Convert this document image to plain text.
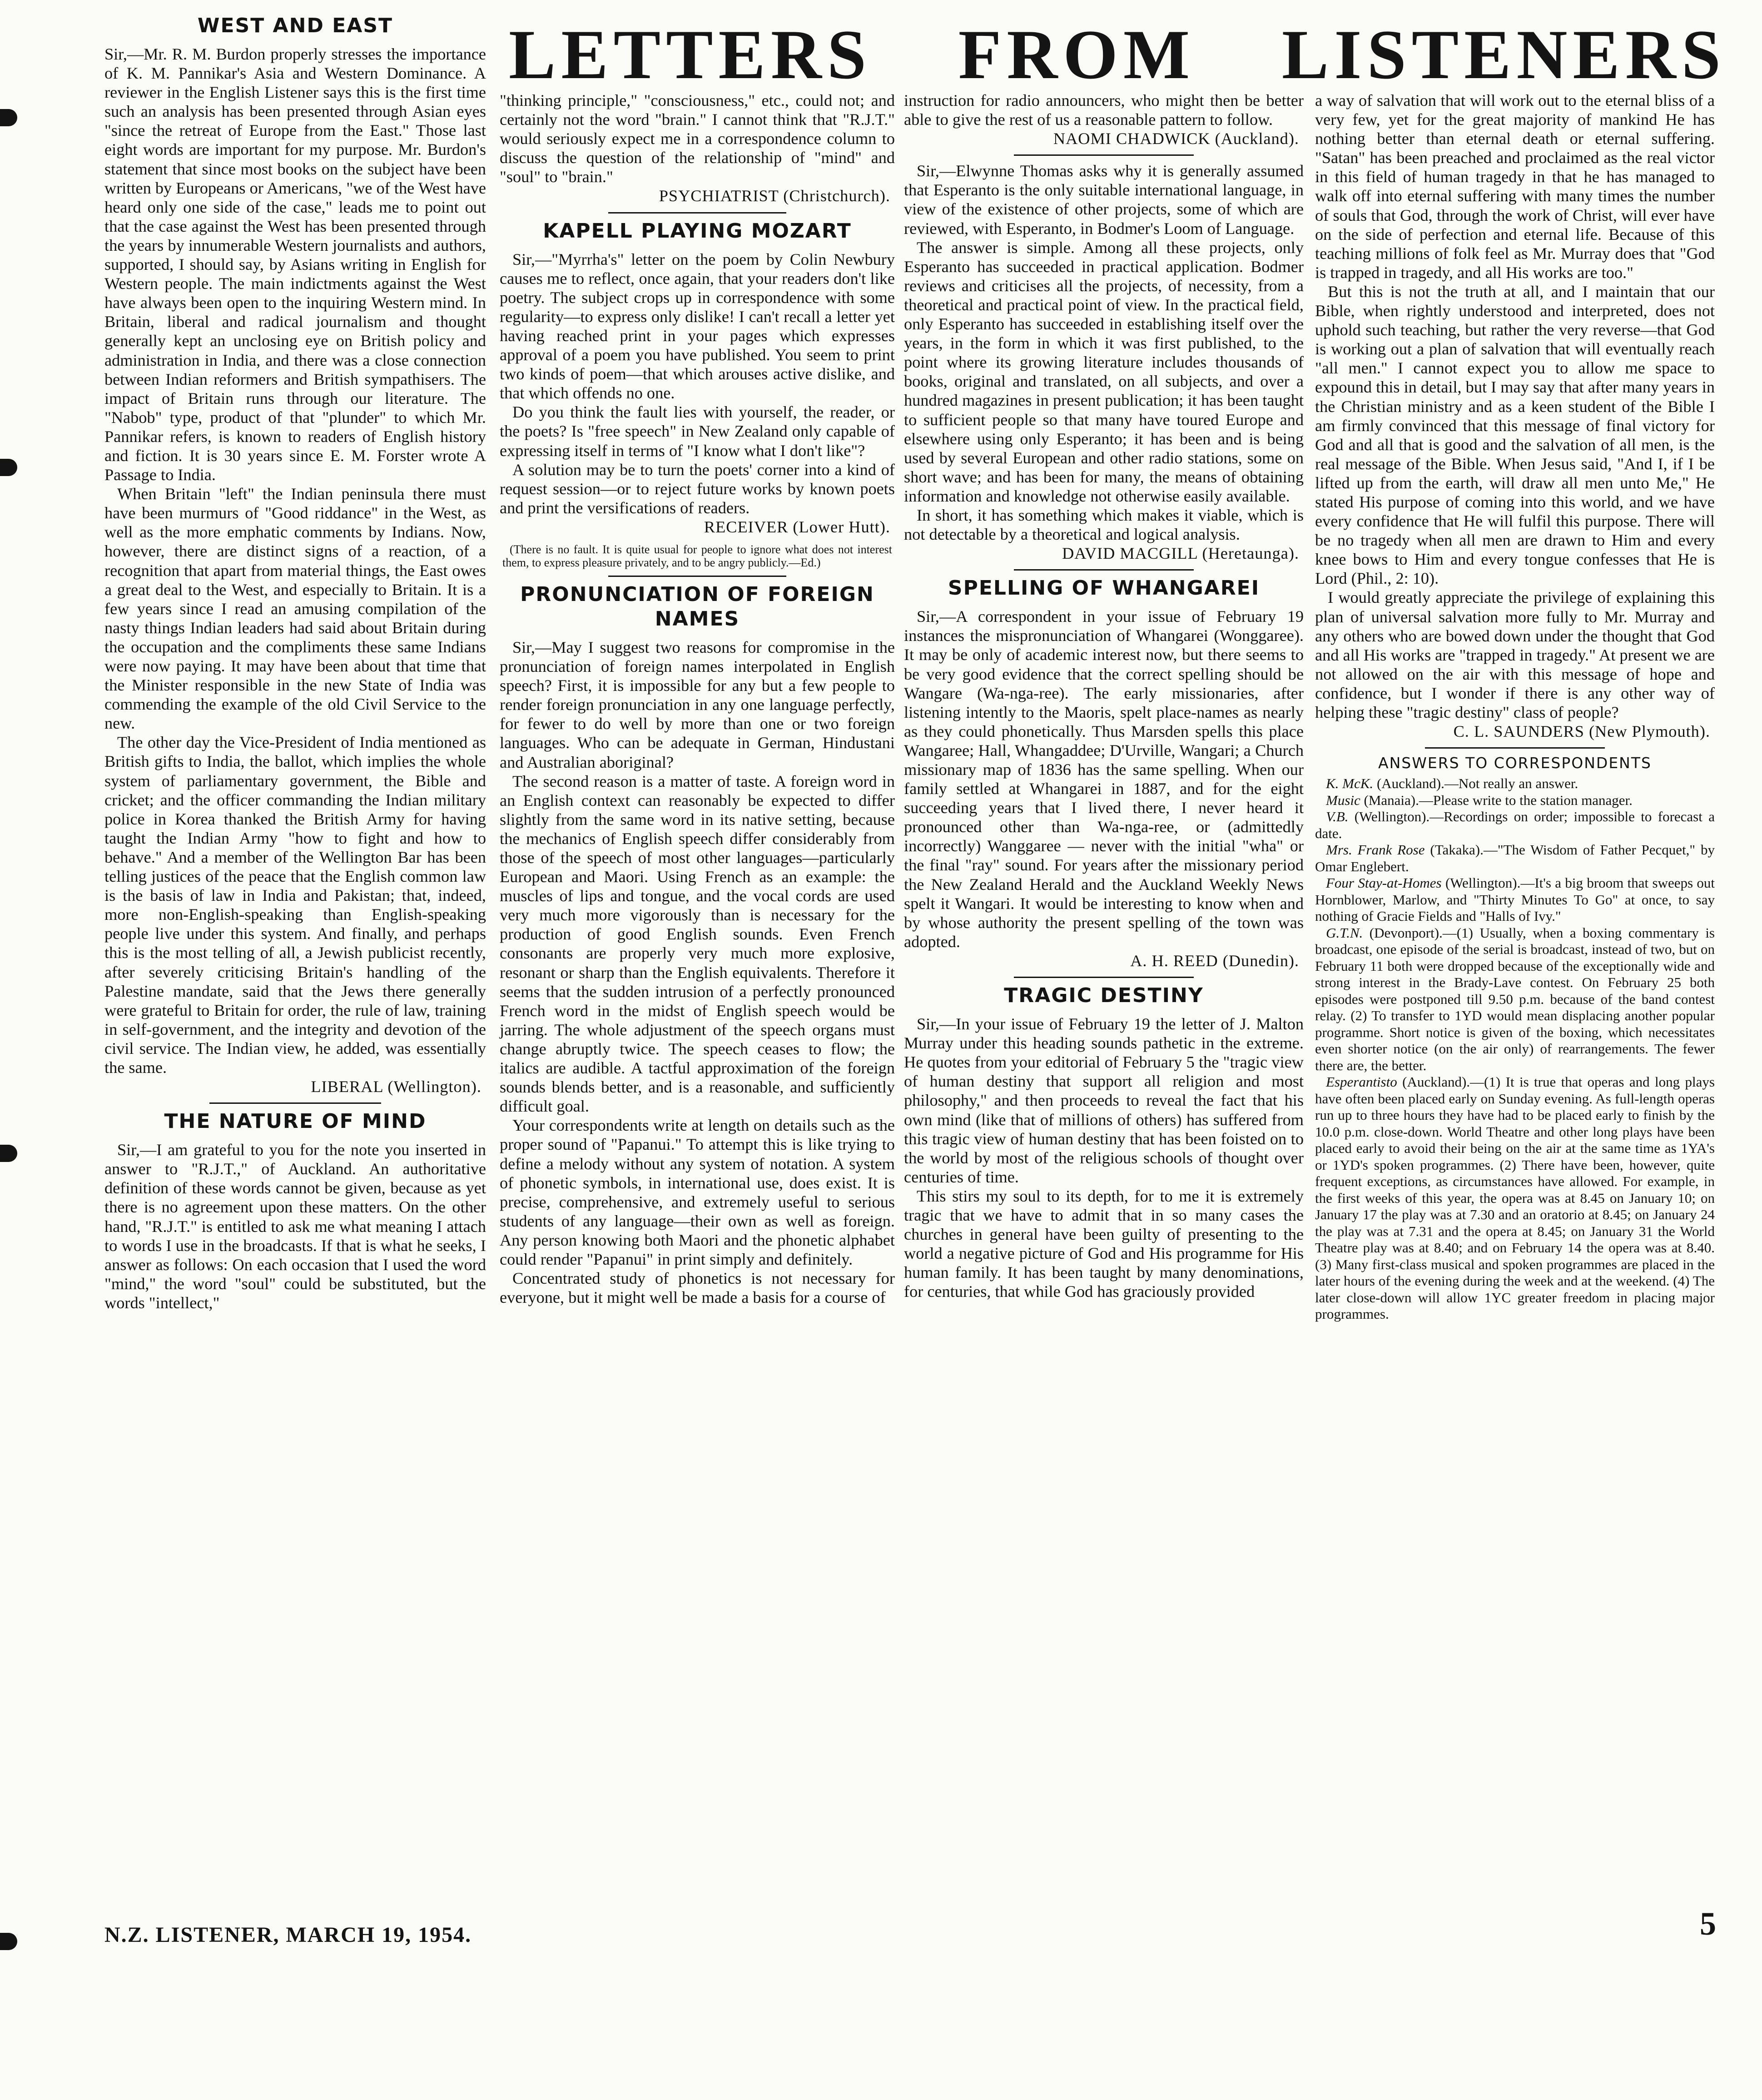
LETTERS FROM LISTENERS
WEST AND EAST

Sir,—Mr. R. M. Burdon properly stresses the importance of K. M. Pannikar's Asia and Western Dominance. A reviewer in the English Listener says this is the first time such an analysis has been presented through Asian eyes "since the retreat of Europe from the East." Those last eight words are important for my purpose. Mr. Burdon's statement that since most books on the subject have been written by Europeans or Americans, "we of the West have heard only one side of the case," leads me to point out that the case against the West has been presented through the years by innumerable Western journalists and authors, supported, I should say, by Asians writing in English for Western people. The main indictments against the West have always been open to the inquiring Western mind. In Britain, liberal and radical journalism and thought generally kept an unclosing eye on British policy and administration in India, and there was a close connection between Indian reformers and British sympathisers. The impact of Britain runs through our literature. The "Nabob" type, product of that "plunder" to which Mr. Pannikar refers, is known to readers of English history and fiction. It is 30 years since E. M. Forster wrote A Passage to India.

When Britain "left" the Indian peninsula there must have been murmurs of "Good riddance" in the West, as well as the more emphatic comments by Indians. Now, however, there are distinct signs of a reaction, of a recognition that apart from material things, the East owes a great deal to the West, and especially to Britain. It is a few years since I read an amusing compilation of the nasty things Indian leaders had said about Britain during the occupation and the compliments these same Indians were now paying. It may have been about that time that the Minister responsible in the new State of India was commending the example of the old Civil Service to the new.

The other day the Vice-President of India mentioned as British gifts to India, the ballot, which implies the whole system of parliamentary government, the Bible and cricket; and the officer commanding the Indian military police in Korea thanked the British Army for having taught the Indian Army "how to fight and how to behave." And a member of the Wellington Bar has been telling justices of the peace that the English common law is the basis of law in India and Pakistan; that, indeed, more non-English-speaking than English-speaking people live under this system. And finally, and perhaps this is the most telling of all, a Jewish publicist recently, after severely criticising Britain's handling of the Palestine mandate, said that the Jews there generally were grateful to Britain for order, the rule of law, training in self-government, and the integrity and devotion of the civil service. The Indian view, he added, was essentially the same.

LIBERAL (Wellington).
THE NATURE OF MIND

Sir,—I am grateful to you for the note you inserted in answer to "R.J.T.," of Auckland. An authoritative definition of these words cannot be given, because as yet there is no agreement upon these matters. On the other hand, "R.J.T." is entitled to ask me what meaning I attach to words I use in the broadcasts. If that is what he seeks, I answer as follows: On each occasion that I used the word "mind," the word "soul" could be substituted, but the words "intellect,"

"thinking principle," "consciousness," etc., could not; and certainly not the word "brain." I cannot think that "R.J.T." would seriously expect me in a correspondence column to discuss the question of the relationship of "mind" and "soul" to "brain."

PSYCHIATRIST (Christchurch).
KAPELL PLAYING MOZART

Sir,—"Myrrha's" letter on the poem by Colin Newbury causes me to reflect, once again, that your readers don't like poetry. The subject crops up in correspondence with some regularity—to express only dislike! I can't recall a letter yet having reached print in your pages which expresses approval of a poem you have published. You seem to print two kinds of poem—that which arouses active dislike, and that which offends no one.

Do you think the fault lies with yourself, the reader, or the poets? Is "free speech" in New Zealand only capable of expressing itself in terms of "I know what I don't like"?

A solution may be to turn the poets' corner into a kind of request session—or to reject future works by known poets and print the versifications of readers.

RECEIVER (Lower Hutt).
(There is no fault. It is quite usual for people to ignore what does not interest them, to express pleasure privately, and to be angry publicly.—Ed.)
PRONUNCIATION OF FOREIGN NAMES

Sir,—May I suggest two reasons for compromise in the pronunciation of foreign names interpolated in English speech? First, it is impossible for any but a few people to render foreign pronunciation in any one language perfectly, for fewer to do well by more than one or two foreign languages. Who can be adequate in German, Hindustani and Australian aboriginal?

The second reason is a matter of taste. A foreign word in an English context can reasonably be expected to differ slightly from the same word in its native setting, because the mechanics of English speech differ considerably from those of the speech of most other languages—particularly European and Maori. Using French as an example: the muscles of lips and tongue, and the vocal cords are used very much more vigorously than is necessary for the production of good English sounds. Even French consonants are properly very much more explosive, resonant or sharp than the English equivalents. Therefore it seems that the sudden intrusion of a perfectly pronounced French word in the midst of English speech would be jarring. The whole adjustment of the speech organs must change abruptly twice. The speech ceases to flow; the italics are audible. A tactful approximation of the foreign sounds blends better, and is a reasonable, and sufficiently difficult goal.

Your correspondents write at length on details such as the proper sound of "Papanui." To attempt this is like trying to define a melody without any system of notation. A system of phonetic symbols, in international use, does exist. It is precise, comprehensive, and extremely useful to serious students of any language—their own as well as foreign. Any person knowing both Maori and the phonetic alphabet could render "Papanui" in print simply and definitely.

Concentrated study of phonetics is not necessary for everyone, but it might well be made a basis for a course of

instruction for radio announcers, who might then be better able to give the rest of us a reasonable pattern to follow.

NAOMI CHADWICK (Auckland).

Sir,—Elwynne Thomas asks why it is generally assumed that Esperanto is the only suitable international language, in view of the existence of other projects, some of which are reviewed, with Esperanto, in Bodmer's Loom of Language.

The answer is simple. Among all these projects, only Esperanto has succeeded in practical application. Bodmer reviews and criticises all the projects, of necessity, from a theoretical and practical point of view. In the practical field, only Esperanto has succeeded in establishing itself over the years, in the form in which it was first published, to the point where its growing literature includes thousands of books, original and translated, on all subjects, and over a hundred magazines in present publication; it has been taught to sufficient people so that many have toured Europe and elsewhere using only Esperanto; it has been and is being used by several European and other radio stations, some on short wave; and has been for many, the means of obtaining information and knowledge not otherwise easily available.

In short, it has something which makes it viable, which is not detectable by a theoretical and logical analysis.

DAVID MACGILL (Heretaunga).
SPELLING OF WHANGAREI

Sir,—A correspondent in your issue of February 19 instances the mispronunciation of Whangarei (Wonggaree). It may be only of academic interest now, but there seems to be very good evidence that the correct spelling should be Wangare (Wa-nga-ree). The early missionaries, after listening intently to the Maoris, spelt place-names as nearly as they could phonetically. Thus Marsden spells this place Wangaree; Hall, Whangaddee; D'Urville, Wangari; a Church missionary map of 1836 has the same spelling. When our family settled at Whangarei in 1887, and for the eight succeeding years that I lived there, I never heard it pronounced other than Wa-nga-ree, or (admittedly incorrectly) Wanggaree — never with the initial "wha" or the final "ray" sound. For years after the missionary period the New Zealand Herald and the Auckland Weekly News spelt it Wangari. It would be interesting to know when and by whose authority the present spelling of the town was adopted.

A. H. REED (Dunedin).
TRAGIC DESTINY

Sir,—In your issue of February 19 the letter of J. Malton Murray under this heading sounds pathetic in the extreme. He quotes from your editorial of February 5 the "tragic view of human destiny that support all religion and most philosophy," and then proceeds to reveal the fact that his own mind (like that of millions of others) has suffered from this tragic view of human destiny that has been foisted on to the world by most of the religious schools of thought over centuries of time.

This stirs my soul to its depth, for to me it is extremely tragic that we have to admit that in so many cases the churches in general have been guilty of presenting to the world a negative picture of God and His programme for His human family. It has been taught by many denominations, for centuries, that while God has graciously provided

a way of salvation that will work out to the eternal bliss of a very few, yet for the great majority of mankind He has nothing better than eternal death or eternal suffering. "Satan" has been preached and proclaimed as the real victor in this field of human tragedy in that he has managed to walk off into eternal suffering with many times the number of souls that God, through the work of Christ, will ever have on the side of perfection and eternal life. Because of this teaching millions of folk feel as Mr. Murray does that "God is trapped in tragedy, and all His works are too."

But this is not the truth at all, and I maintain that our Bible, when rightly understood and interpreted, does not uphold such teaching, but rather the very reverse—that God is working out a plan of salvation that will eventually reach "all men." I cannot expect you to allow me space to expound this in detail, but I may say that after many years in the Christian ministry and as a keen student of the Bible I am firmly convinced that this message of final victory for God and all that is good and the salvation of all men, is the real message of the Bible. When Jesus said, "And I, if I be lifted up from the earth, will draw all men unto Me," He stated His purpose of coming into this world, and we have every confidence that He will fulfil this purpose. There will be no tragedy when all men are drawn to Him and every knee bows to Him and every tongue confesses that He is Lord (Phil., 2: 10).

I would greatly appreciate the privilege of explaining this plan of universal salvation more fully to Mr. Murray and any others who are bowed down under the thought that God and all His works are "trapped in tragedy." At present we are not allowed on the air with this message of hope and confidence, but I wonder if there is any other way of helping these "tragic destiny" class of people?

C. L. SAUNDERS (New Plymouth).
ANSWERS TO CORRESPONDENTS

K. McK. (Auckland).—Not really an answer.

Music (Manaia).—Please write to the station manager.

V.B. (Wellington).—Recordings on order; impossible to forecast a date.

Mrs. Frank Rose (Takaka).—"The Wisdom of Father Pecquet," by Omar Englebert.

Four Stay-at-Homes (Wellington).—It's a big broom that sweeps out Hornblower, Marlow, and "Thirty Minutes To Go" at once, to say nothing of Gracie Fields and "Halls of Ivy."

G.T.N. (Devonport).—(1) Usually, when a boxing commentary is broadcast, one episode of the serial is broadcast, instead of two, but on February 11 both were dropped because of the exceptionally wide and strong interest in the Brady-Lave contest. On February 25 both episodes were postponed till 9.50 p.m. because of the band contest relay. (2) To transfer to 1YD would mean displacing another popular programme. Short notice is given of the boxing, which necessitates even shorter notice (on the air only) of rearrangements. The fewer there are, the better.

Esperantisto (Auckland).—(1) It is true that operas and long plays have often been placed early on Sunday evening. As full-length operas run up to three hours they have had to be placed early to finish by the 10.0 p.m. close-down. World Theatre and other long plays have been placed early to avoid their being on the air at the same time as 1YA's or 1YD's spoken programmes. (2) There have been, however, quite frequent exceptions, as circumstances have allowed. For example, in the first weeks of this year, the opera was at 8.45 on January 10; on January 17 the play was at 7.30 and an oratorio at 8.45; on January 24 the play was at 7.31 and the opera at 8.45; on January 31 the World Theatre play was at 8.40; and on February 14 the opera was at 8.40. (3) Many first-class musical and spoken programmes are placed in the later hours of the evening during the week and at the weekend. (4) The later close-down will allow 1YC greater freedom in placing major programmes.

N.Z. LISTENER, MARCH 19, 1954.	5
